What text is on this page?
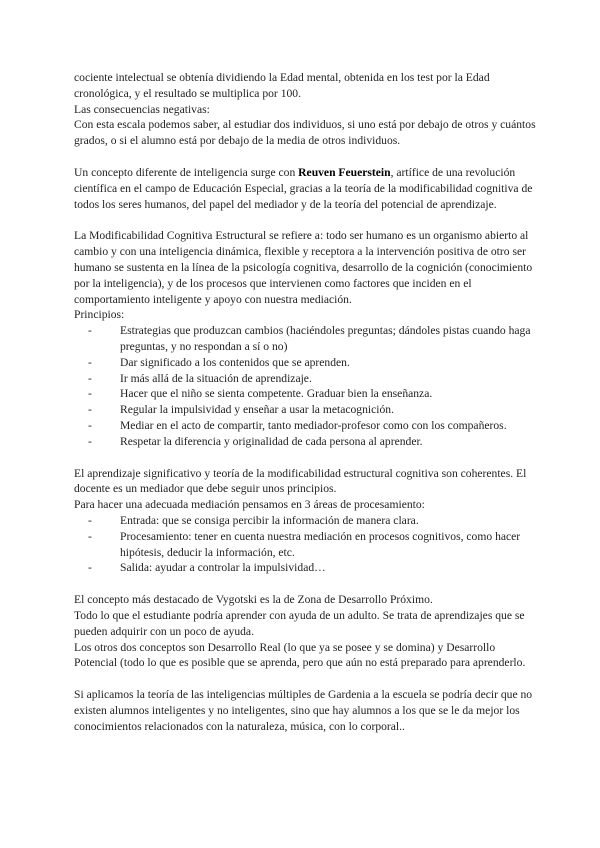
cociente intelectual se obtenía dividiendo la Edad mental, obtenida en los test por la Edad cronológica, y el resultado se multiplica por 100.

Las consecuencias negativas:

Con esta escala podemos saber, al estudiar dos individuos, si uno está por debajo de otros y cuántos grados, o si el alumno está por debajo de la media de otros individuos.

Un concepto diferente de inteligencia surge con Reuven Feuerstein, artífice de una revolución científica en el campo de Educación Especial, gracias a la teoría de la modificabilidad cognitiva de todos los seres humanos, del papel del mediador y de la teoría del potencial de aprendizaje.

La Modificabilidad Cognitiva Estructural se refiere a: todo ser humano es un organismo abierto al cambio y con una inteligencia dinámica, flexible y receptora a la intervención positiva de otro ser humano se sustenta en la línea de la psicología cognitiva, desarrollo de la cognición (conocimiento por la inteligencia), y de los procesos que intervienen como factores que inciden en el comportamiento inteligente y apoyo con nuestra mediación.

Principios:

- Estrategias que produzcan cambios (haciéndoles preguntas; dándoles pistas cuando haga preguntas, y no respondan a sí o no)
- Dar significado a los contenidos que se aprenden.
- Ir más allá de la situación de aprendizaje.
- Hacer que el niño se sienta competente. Graduar bien la enseñanza.
- Regular la impulsividad y enseñar a usar la metacognición.
- Mediar en el acto de compartir, tanto mediador-profesor como con los compañeros.
- Respetar la diferencia y originalidad de cada persona al aprender.

El aprendizaje significativo y teoría de la modificabilidad estructural cognitiva son coherentes. El docente es un mediador que debe seguir unos principios.

Para hacer una adecuada mediación pensamos en 3 áreas de procesamiento:

- Entrada: que se consiga percibir la información de manera clara.
- Procesamiento: tener en cuenta nuestra mediación en procesos cognitivos, como hacer hipótesis, deducir la información, etc.
- Salida: ayudar a controlar la impulsividad…

El concepto más destacado de Vygotski es la de Zona de Desarrollo Próximo.

Todo lo que el estudiante podría aprender con ayuda de un adulto. Se trata de aprendizajes que se pueden adquirir con un poco de ayuda.

Los otros dos conceptos son Desarrollo Real (lo que ya se posee y se domina) y Desarrollo Potencial (todo lo que es posible que se aprenda, pero que aún no está preparado para aprenderlo.

Si aplicamos la teoría de las inteligencias múltiples de Gardenia a la escuela se podría decir que no existen alumnos inteligentes y no inteligentes, sino que hay alumnos a los que se le da mejor los conocimientos relacionados con la naturaleza, música, con lo corporal..
